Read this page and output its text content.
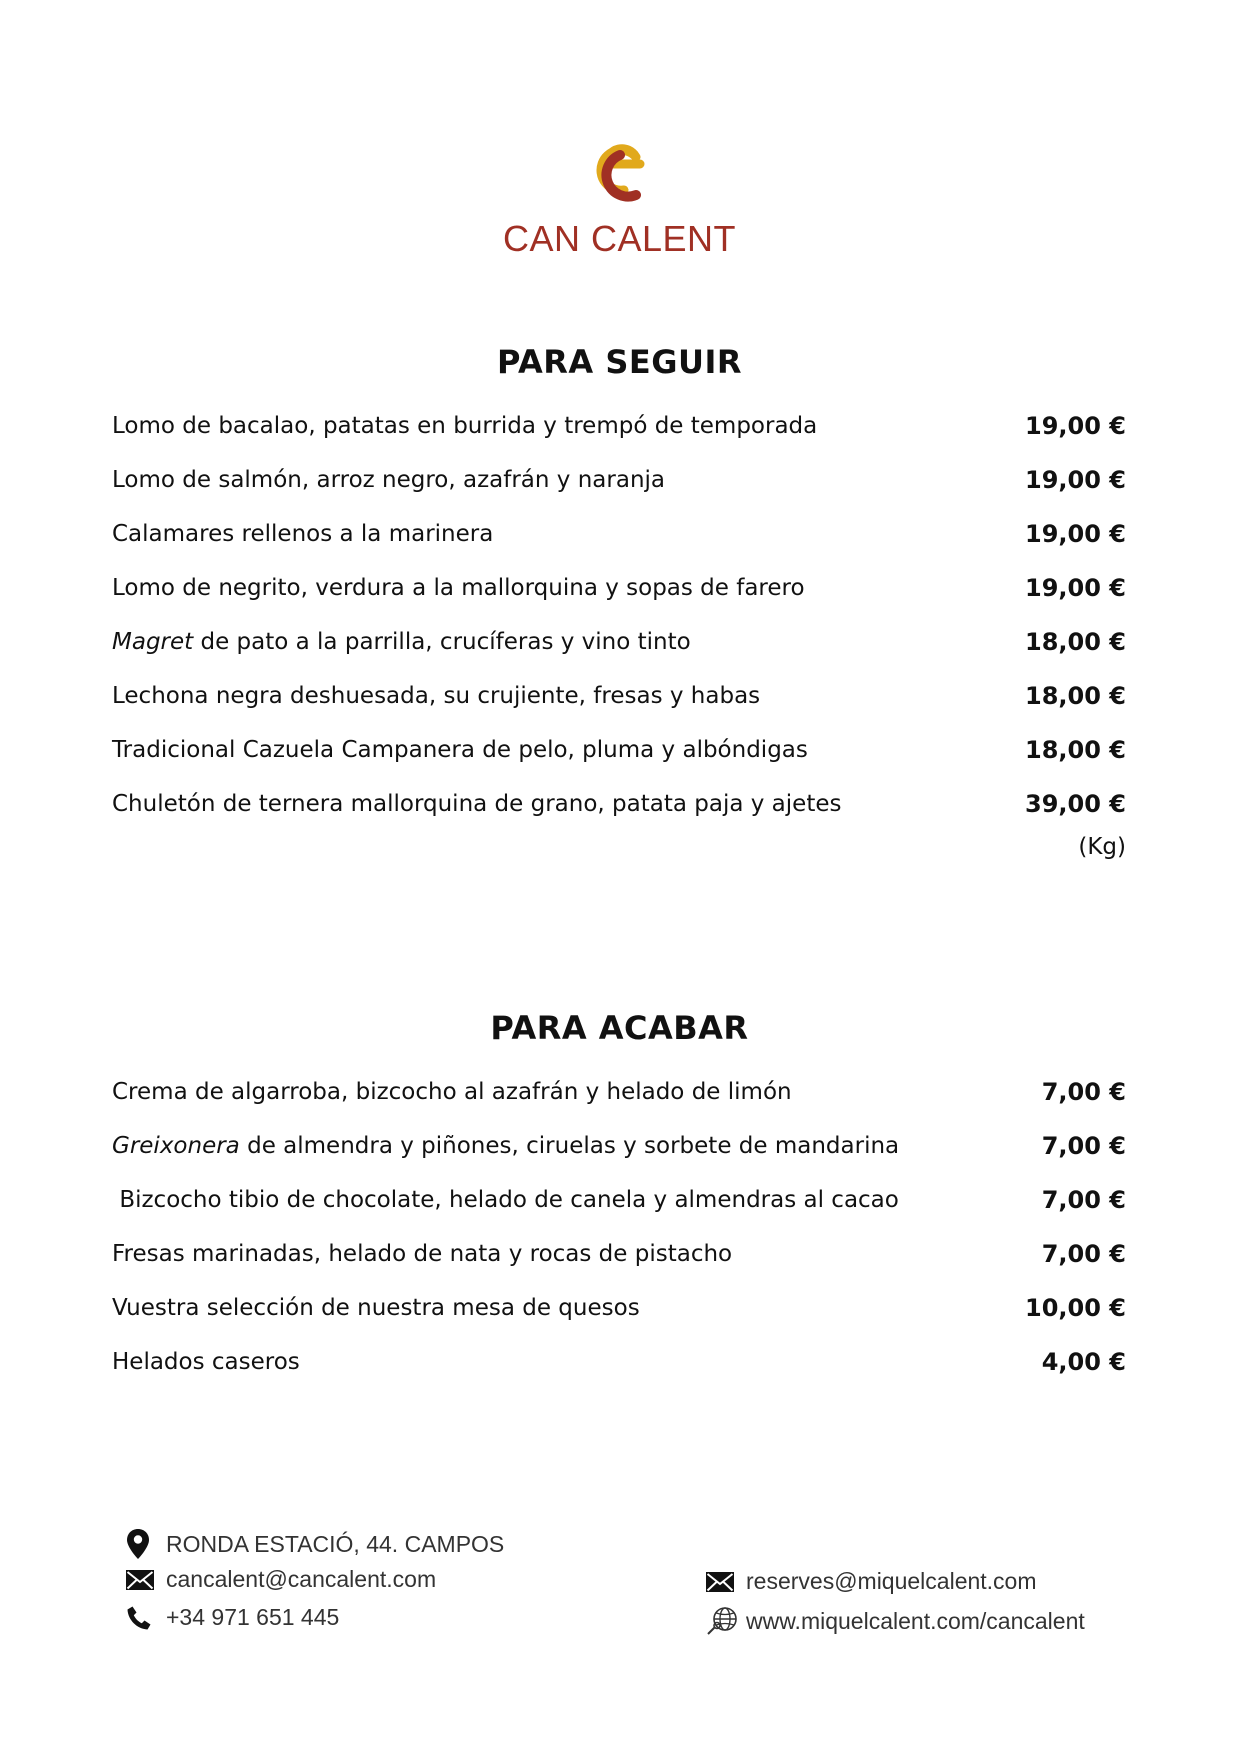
CAN CALENT
PARA SEGUIR
Lomo de bacalao, patatas en burrida y trempó de temporada	19,00 €
Lomo de salmón, arroz negro, azafrán y naranja	19,00 €
Calamares rellenos a la marinera	19,00 €
Lomo de negrito, verdura a la mallorquina y sopas de farero	19,00 €
Magret de pato a la parrilla, crucíferas y vino tinto	18,00 €
Lechona negra deshuesada, su crujiente, fresas y habas	18,00 €
Tradicional Cazuela Campanera de pelo, pluma y albóndigas	18,00 €
Chuletón de ternera mallorquina de grano, patata paja y ajetes	39,00 €
(Kg)
PARA ACABAR
Crema de algarroba, bizcocho al azafrán y helado de limón	7,00 €
Greixonera de almendra y piñones, ciruelas y sorbete de mandarina	7,00 €
Bizcocho tibio de chocolate, helado de canela y almendras al cacao	7,00 €
Fresas marinadas, helado de nata y rocas de pistacho	7,00 €
Vuestra selección de nuestra mesa de quesos	10,00 €
Helados caseros	4,00 €
RONDA ESTACIÓ, 44. CAMPOS
cancalent@cancalent.com
+34 971 651 445
reserves@miquelcalent.com
www.miquelcalent.com/cancalent
